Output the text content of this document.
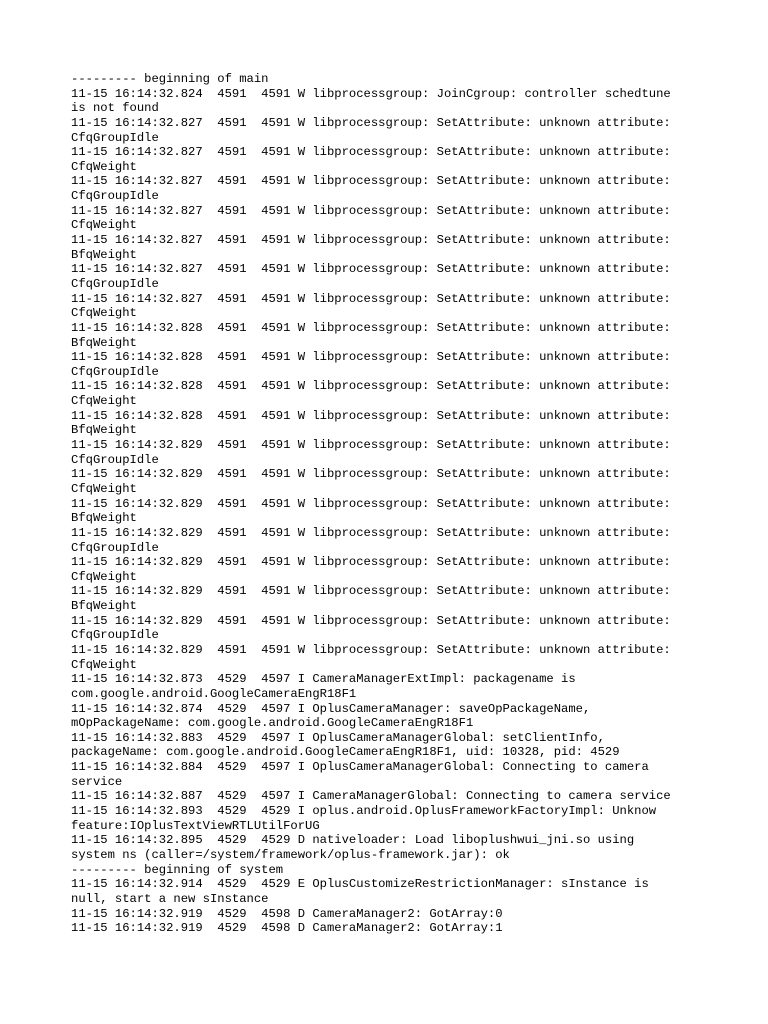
--------- beginning of main
11-15 16:14:32.824  4591  4591 W libprocessgroup: JoinCgroup: controller schedtune
is not found
11-15 16:14:32.827  4591  4591 W libprocessgroup: SetAttribute: unknown attribute:
CfqGroupIdle
11-15 16:14:32.827  4591  4591 W libprocessgroup: SetAttribute: unknown attribute:
CfqWeight
11-15 16:14:32.827  4591  4591 W libprocessgroup: SetAttribute: unknown attribute:
CfqGroupIdle
11-15 16:14:32.827  4591  4591 W libprocessgroup: SetAttribute: unknown attribute:
CfqWeight
11-15 16:14:32.827  4591  4591 W libprocessgroup: SetAttribute: unknown attribute:
BfqWeight
11-15 16:14:32.827  4591  4591 W libprocessgroup: SetAttribute: unknown attribute:
CfqGroupIdle
11-15 16:14:32.827  4591  4591 W libprocessgroup: SetAttribute: unknown attribute:
CfqWeight
11-15 16:14:32.828  4591  4591 W libprocessgroup: SetAttribute: unknown attribute:
BfqWeight
11-15 16:14:32.828  4591  4591 W libprocessgroup: SetAttribute: unknown attribute:
CfqGroupIdle
11-15 16:14:32.828  4591  4591 W libprocessgroup: SetAttribute: unknown attribute:
CfqWeight
11-15 16:14:32.828  4591  4591 W libprocessgroup: SetAttribute: unknown attribute:
BfqWeight
11-15 16:14:32.829  4591  4591 W libprocessgroup: SetAttribute: unknown attribute:
CfqGroupIdle
11-15 16:14:32.829  4591  4591 W libprocessgroup: SetAttribute: unknown attribute:
CfqWeight
11-15 16:14:32.829  4591  4591 W libprocessgroup: SetAttribute: unknown attribute:
BfqWeight
11-15 16:14:32.829  4591  4591 W libprocessgroup: SetAttribute: unknown attribute:
CfqGroupIdle
11-15 16:14:32.829  4591  4591 W libprocessgroup: SetAttribute: unknown attribute:
CfqWeight
11-15 16:14:32.829  4591  4591 W libprocessgroup: SetAttribute: unknown attribute:
BfqWeight
11-15 16:14:32.829  4591  4591 W libprocessgroup: SetAttribute: unknown attribute:
CfqGroupIdle
11-15 16:14:32.829  4591  4591 W libprocessgroup: SetAttribute: unknown attribute:
CfqWeight
11-15 16:14:32.873  4529  4597 I CameraManagerExtImpl: packagename is
com.google.android.GoogleCameraEngR18F1
11-15 16:14:32.874  4529  4597 I OplusCameraManager: saveOpPackageName,
mOpPackageName: com.google.android.GoogleCameraEngR18F1
11-15 16:14:32.883  4529  4597 I OplusCameraManagerGlobal: setClientInfo,
packageName: com.google.android.GoogleCameraEngR18F1, uid: 10328, pid: 4529
11-15 16:14:32.884  4529  4597 I OplusCameraManagerGlobal: Connecting to camera
service
11-15 16:14:32.887  4529  4597 I CameraManagerGlobal: Connecting to camera service
11-15 16:14:32.893  4529  4529 I oplus.android.OplusFrameworkFactoryImpl: Unknow
feature:IOplusTextViewRTLUtilForUG
11-15 16:14:32.895  4529  4529 D nativeloader: Load liboplushwui_jni.so using
system ns (caller=/system/framework/oplus-framework.jar): ok
--------- beginning of system
11-15 16:14:32.914  4529  4529 E OplusCustomizeRestrictionManager: sInstance is
null, start a new sInstance
11-15 16:14:32.919  4529  4598 D CameraManager2: GotArray:0
11-15 16:14:32.919  4529  4598 D CameraManager2: GotArray:1
